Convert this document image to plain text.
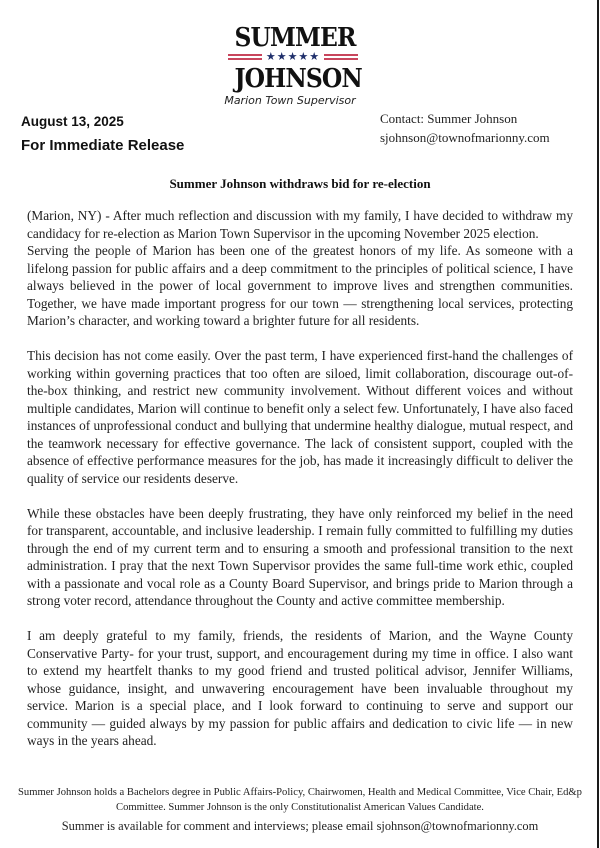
SUMMER
★★★★★
JOHNSON
Marion Town Supervisor
August 13, 2025
For Immediate Release
Contact: Summer Johnson
sjohnson@townofmarionny.com
Summer Johnson withdraws bid for re-election

(Marion, NY) - After much reflection and discussion with my family, I have decided to withdraw my candidacy for re-election as Marion Town Supervisor in the upcoming November 2025 election.

Serving the people of Marion has been one of the greatest honors of my life. As someone with a lifelong passion for public affairs and a deep commitment to the principles of political science, I have always believed in the power of local government to improve lives and strengthen communities. Together, we have made important progress for our town — strengthening local services, protecting Marion’s character, and working toward a brighter future for all residents.

This decision has not come easily. Over the past term, I have experienced first-hand the challenges of working within governing practices that too often are siloed, limit collaboration, discourage out-of-the-box thinking, and restrict new community involvement. Without different voices and without multiple candidates, Marion will continue to benefit only a select few. Unfortunately, I have also faced instances of unprofessional conduct and bullying that undermine healthy dialogue, mutual respect, and the teamwork necessary for effective governance. The lack of consistent support, coupled with the absence of effective performance measures for the job, has made it increasingly difficult to deliver the quality of service our residents deserve.

While these obstacles have been deeply frustrating, they have only reinforced my belief in the need for transparent, accountable, and inclusive leadership. I remain fully committed to fulfilling my duties through the end of my current term and to ensuring a smooth and professional transition to the next administration. I pray that the next Town Supervisor provides the same full-time work ethic, coupled with a passionate and vocal role as a County Board Supervisor, and brings pride to Marion through a strong voter record, attendance throughout the County and active committee membership.

I am deeply grateful to my family, friends, the residents of Marion, and the Wayne County Conservative Party- for your trust, support, and encouragement during my time in office. I also want to extend my heartfelt thanks to my good friend and trusted political advisor, Jennifer Williams, whose guidance, insight, and unwavering encouragement have been invaluable throughout my service. Marion is a special place, and I look forward to continuing to serve and support our community — guided always by my passion for public affairs and dedication to civic life — in new ways in the years ahead.

Summer Johnson holds a Bachelors degree in Public Affairs-Policy, Chairwomen, Health and Medical Committee, Vice Chair, Ed&p Committee. Summer Johnson is the only Constitutionalist American Values Candidate.
Summer is available for comment and interviews; please email sjohnson@townofmarionny.com
